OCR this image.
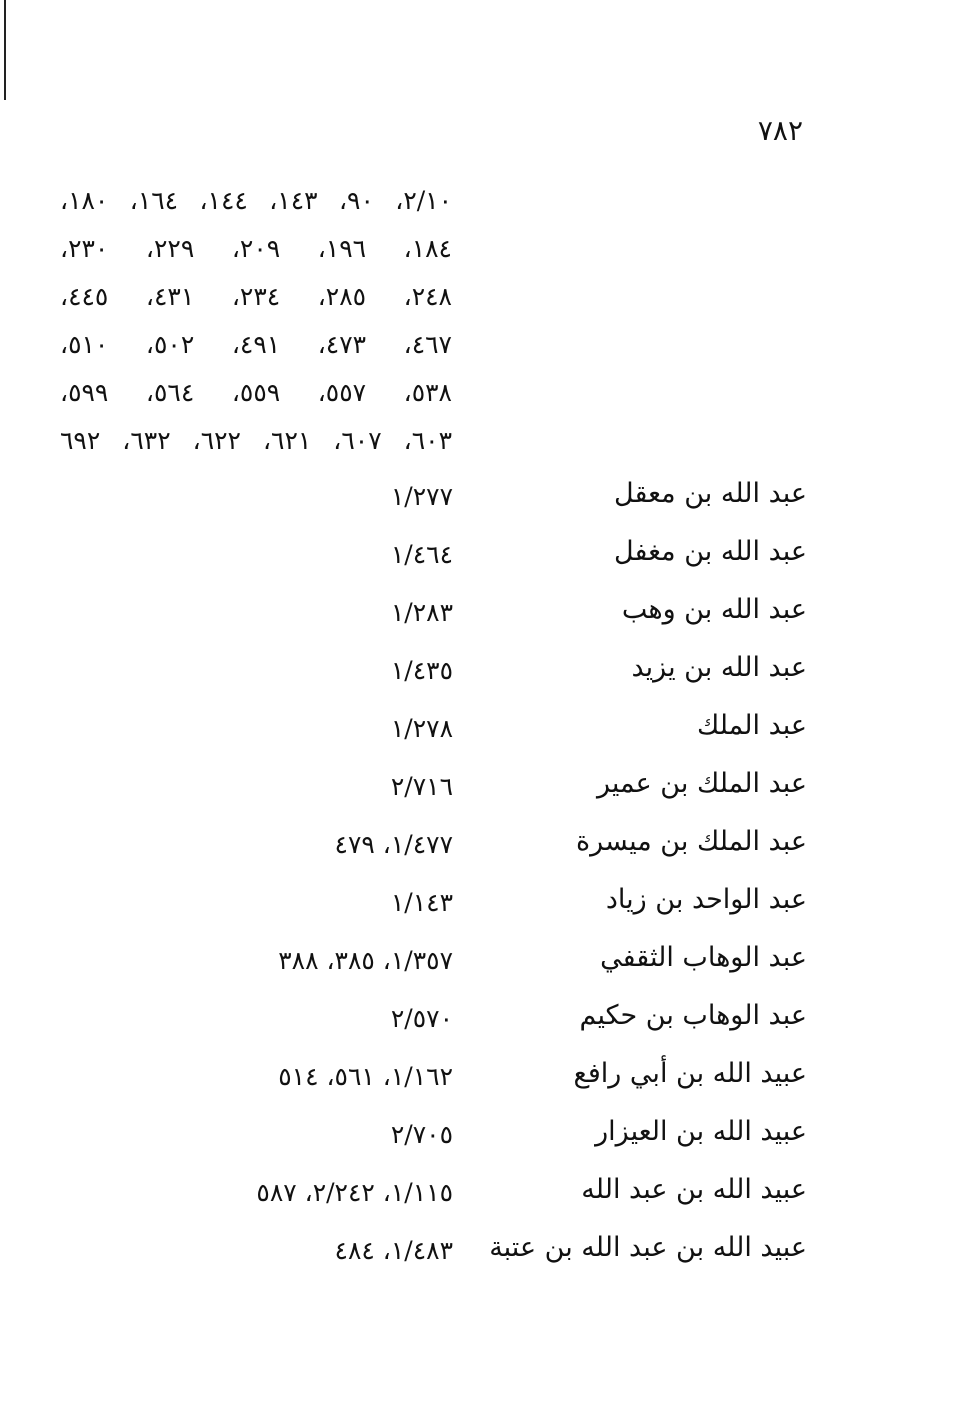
٧٨٢
٢/١٠، ٩٠، ١٤٣، ١٤٤، ١٦٤، ١٨٠،
١٨٤، ١٩٦، ٢٠٩، ٢٢٩، ٢٣٠،
٢٤٨، ٢٨٥، ٢٣٤، ٤٣١، ٤٤٥،
٤٦٧، ٤٧٣، ٤٩١، ٥٠٢، ٥١٠،
٥٣٨، ٥٥٧، ٥٥٩، ٥٦٤، ٥٩٩،
٦٠٣، ٦٠٧، ٦٢١، ٦٢٢، ٦٣٢، ٦٩٢
عبد الله بن معقل
١/٢٧٧
عبد الله بن مغفل
١/٤٦٤
عبد الله بن وهب
١/٢٨٣
عبد الله بن يزيد
١/٤٣٥
عبد الملك
١/٢٧٨
عبد الملك بن عمير
٢/٧١٦
عبد الملك بن ميسرة
١/٤٧٧، ٤٧٩
عبد الواحد بن زياد
١/١٤٣
عبد الوهاب الثقفي
١/٣٥٧، ٣٨٥، ٣٨٨
عبد الوهاب بن حكيم
٢/٥٧٠
عبيد الله بن أبي رافع
١/١٦٢، ٥٦١، ٥١٤
عبيد الله بن العيزار
٢/٧٠٥
عبيد الله بن عبد الله
١/١١٥، ٢/٢٤٢، ٥٨٧
عبيد الله بن عبد الله بن عتبة
١/٤٨٣، ٤٨٤
